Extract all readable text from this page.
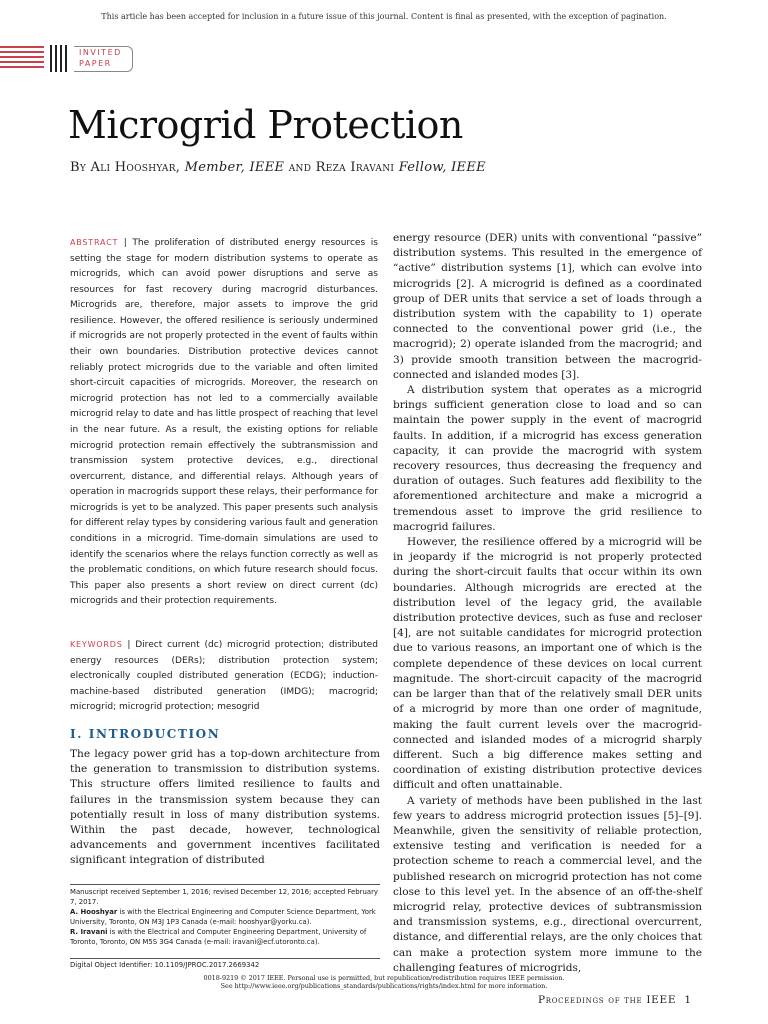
This article has been accepted for inclusion in a future issue of this journal. Content is final as presented, with the exception of pagination.
INVITED
PAPER
Microgrid Protection
By Ali Hooshyar, Member, IEEE and Reza Iravani Fellow, IEEE
ABSTRACT | The proliferation of distributed energy resources is setting the stage for modern distribution systems to operate as microgrids, which can avoid power disruptions and serve as resources for fast recovery during macrogrid disturbances. Microgrids are, therefore, major assets to improve the grid resilience. However, the offered resilience is seriously undermined if microgrids are not properly protected in the event of faults within their own boundaries. Distribution protective devices cannot reliably protect microgrids due to the variable and often limited short-circuit capacities of microgrids. Moreover, the research on microgrid protection has not led to a commercially available microgrid relay to date and has little prospect of reaching that level in the near future. As a result, the existing options for reliable microgrid protection remain effectively the subtransmission and transmission system protective devices, e.g., directional overcurrent, distance, and differential relays. Although years of operation in macrogrids support these relays, their performance for microgrids is yet to be analyzed. This paper presents such analysis for different relay types by considering various fault and generation conditions in a microgrid. Time-domain simulations are used to identify the scenarios where the relays function correctly as well as the problematic conditions, on which future research should focus. This paper also presents a short review on direct current (dc) microgrids and their protection requirements.
KEYWORDS | Direct current (dc) microgrid protection; distributed energy resources (DERs); distribution protection system; electronically coupled distributed generation (ECDG); induction-machine-based distributed generation (IMDG); macrogrid; microgrid; microgrid protection; mesogrid
I. INTRODUCTION
The legacy power grid has a top-down architecture from the generation to transmission to distribution systems. This structure offers limited resilience to faults and failures in the transmission system because they can potentially result in loss of many distribution systems. Within the past decade, however, technological advancements and government incentives facilitated significant integration of distributed

Manuscript received September 1, 2016; revised December 12, 2016; accepted February 7, 2017.

A. Hooshyar is with the Electrical Engineering and Computer Science Department, York University, Toronto, ON M3J 1P3 Canada (e-mail: hooshyar@yorku.ca).

R. Iravani is with the Electrical and Computer Engineering Department, University of Toronto, Toronto, ON M5S 3G4 Canada (e-mail: iravani@ecf.utoronto.ca).

Digital Object Identifier: 10.1109/JPROC.2017.2669342

energy resource (DER) units with conventional “passive” distribution systems. This resulted in the emergence of “active” distribution systems [1], which can evolve into microgrids [2]. A microgrid is defined as a coordinated group of DER units that service a set of loads through a distribution system with the capability to 1) operate connected to the conventional power grid (i.e., the macrogrid); 2) operate islanded from the macrogrid; and 3) provide smooth transition between the macrogrid-connected and islanded modes [3].

A distribution system that operates as a microgrid brings sufficient generation close to load and so can maintain the power supply in the event of macrogrid faults. In addition, if a microgrid has excess generation capacity, it can provide the macrogrid with system recovery resources, thus decreasing the frequency and duration of outages. Such features add flexibility to the aforementioned architecture and make a microgrid a tremendous asset to improve the grid resilience to macrogrid failures.

However, the resilience offered by a microgrid will be in jeopardy if the microgrid is not properly protected during the short-circuit faults that occur within its own boundaries. Although microgrids are erected at the distribution level of the legacy grid, the available distribution protective devices, such as fuse and recloser [4], are not suitable candidates for microgrid protection due to various reasons, an important one of which is the complete dependence of these devices on local current magnitude. The short-circuit capacity of the macrogrid can be larger than that of the relatively small DER units of a microgrid by more than one order of magnitude, making the fault current levels over the macrogrid-connected and islanded modes of a microgrid sharply different. Such a big difference makes setting and coordination of existing distribution protective devices difficult and often unattainable.

A variety of methods have been published in the last few years to address microgrid protection issues [5]–[9]. Meanwhile, given the sensitivity of reliable protection, extensive testing and verification is needed for a protection scheme to reach a commercial level, and the published research on microgrid protection has not come close to this level yet. In the absence of an off-the-shelf microgrid relay, protective devices of subtransmission and transmission systems, e.g., directional overcurrent, distance, and differential relays, are the only choices that can make a protection system more immune to the challenging features of microgrids,

0018-9219 © 2017 IEEE. Personal use is permitted, but republication/redistribution requires IEEE permission.
See http://www.ieee.org/publications_standards/publications/rights/index.html for more information.
Proceedings of the IEEE 1
